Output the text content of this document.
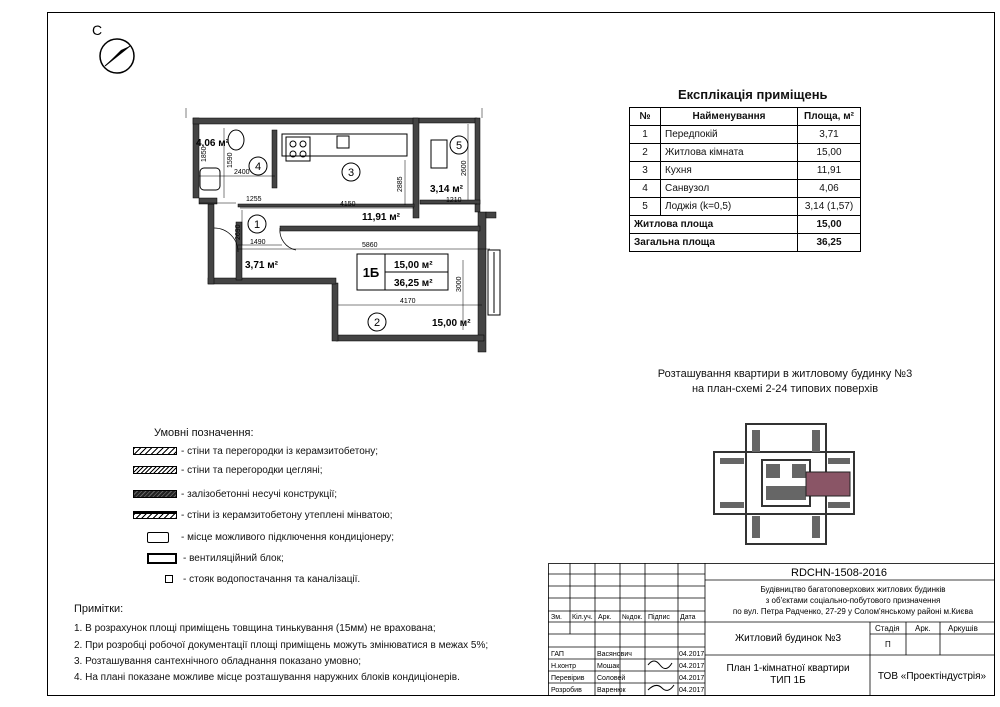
C
4	3
5
1
2
4,06 м²
11,91 м²
3,14 м²
3,71 м²
15,00 м²
2400
1850	1590
1255
4150
2885
2600
1210
2690
1490	5860
3000
4170
1Б 15,00 м²
36,25 м²
Експлікація приміщень
№	Найменування	Площа, м²
1	Передпокій	3,71
2	Житлова кімната	15,00
3	Кухня	11,91
4	Санвузол	4,06
5	Лоджія (k=0,5)	3,14 (1,57)
Житлова площа		15,00
Загальна площа		36,25
Розташування квартири в житловому будинку №3
на план-схемі 2-24 типових поверхів
Умовні позначення:
- стіни та перегородки із керамзитобетону;
- стіни та перегородки цегляні;
- залізобетонні несучі конструкції;
- стіни із керамзитобетону утеплені мінватою;
- місце можливого підключення кондиціонеру;
- вентиляційний блок;
- стояк водопостачання та каналізації.
Примітки:
1. В розрахунок площі приміщень товщина тинькування (15мм) не врахована;
2. При розробці робочої документації площі приміщень можуть змінюватися в межах 5%;
3. Розташування сантехнічного обладнання показано умовно;
4. На плані показане можливе місце розташування наружних блоків кондиціонерів.
RDCHN-1508-2016
Будівництво багатоповерхових житлових будинків
з об'єктами соціально-побутового призначення
по вул. Петра Радченко, 27-29 у Солом'янському районі м.Києва
Зм. Кіл.уч. Арк. №док. Підпис Дата
Житловий будинок №3
Стадія Арк. Аркушів
П
План 1-кімнатної квартири
ТИП 1Б	ТОВ «Проектіндустрія»
ГАП	Васянович	04.2017
Н.контр	Мошак	04.2017
Перевірив Соловей	04.2017
Розробив Варенюк	04.2017
